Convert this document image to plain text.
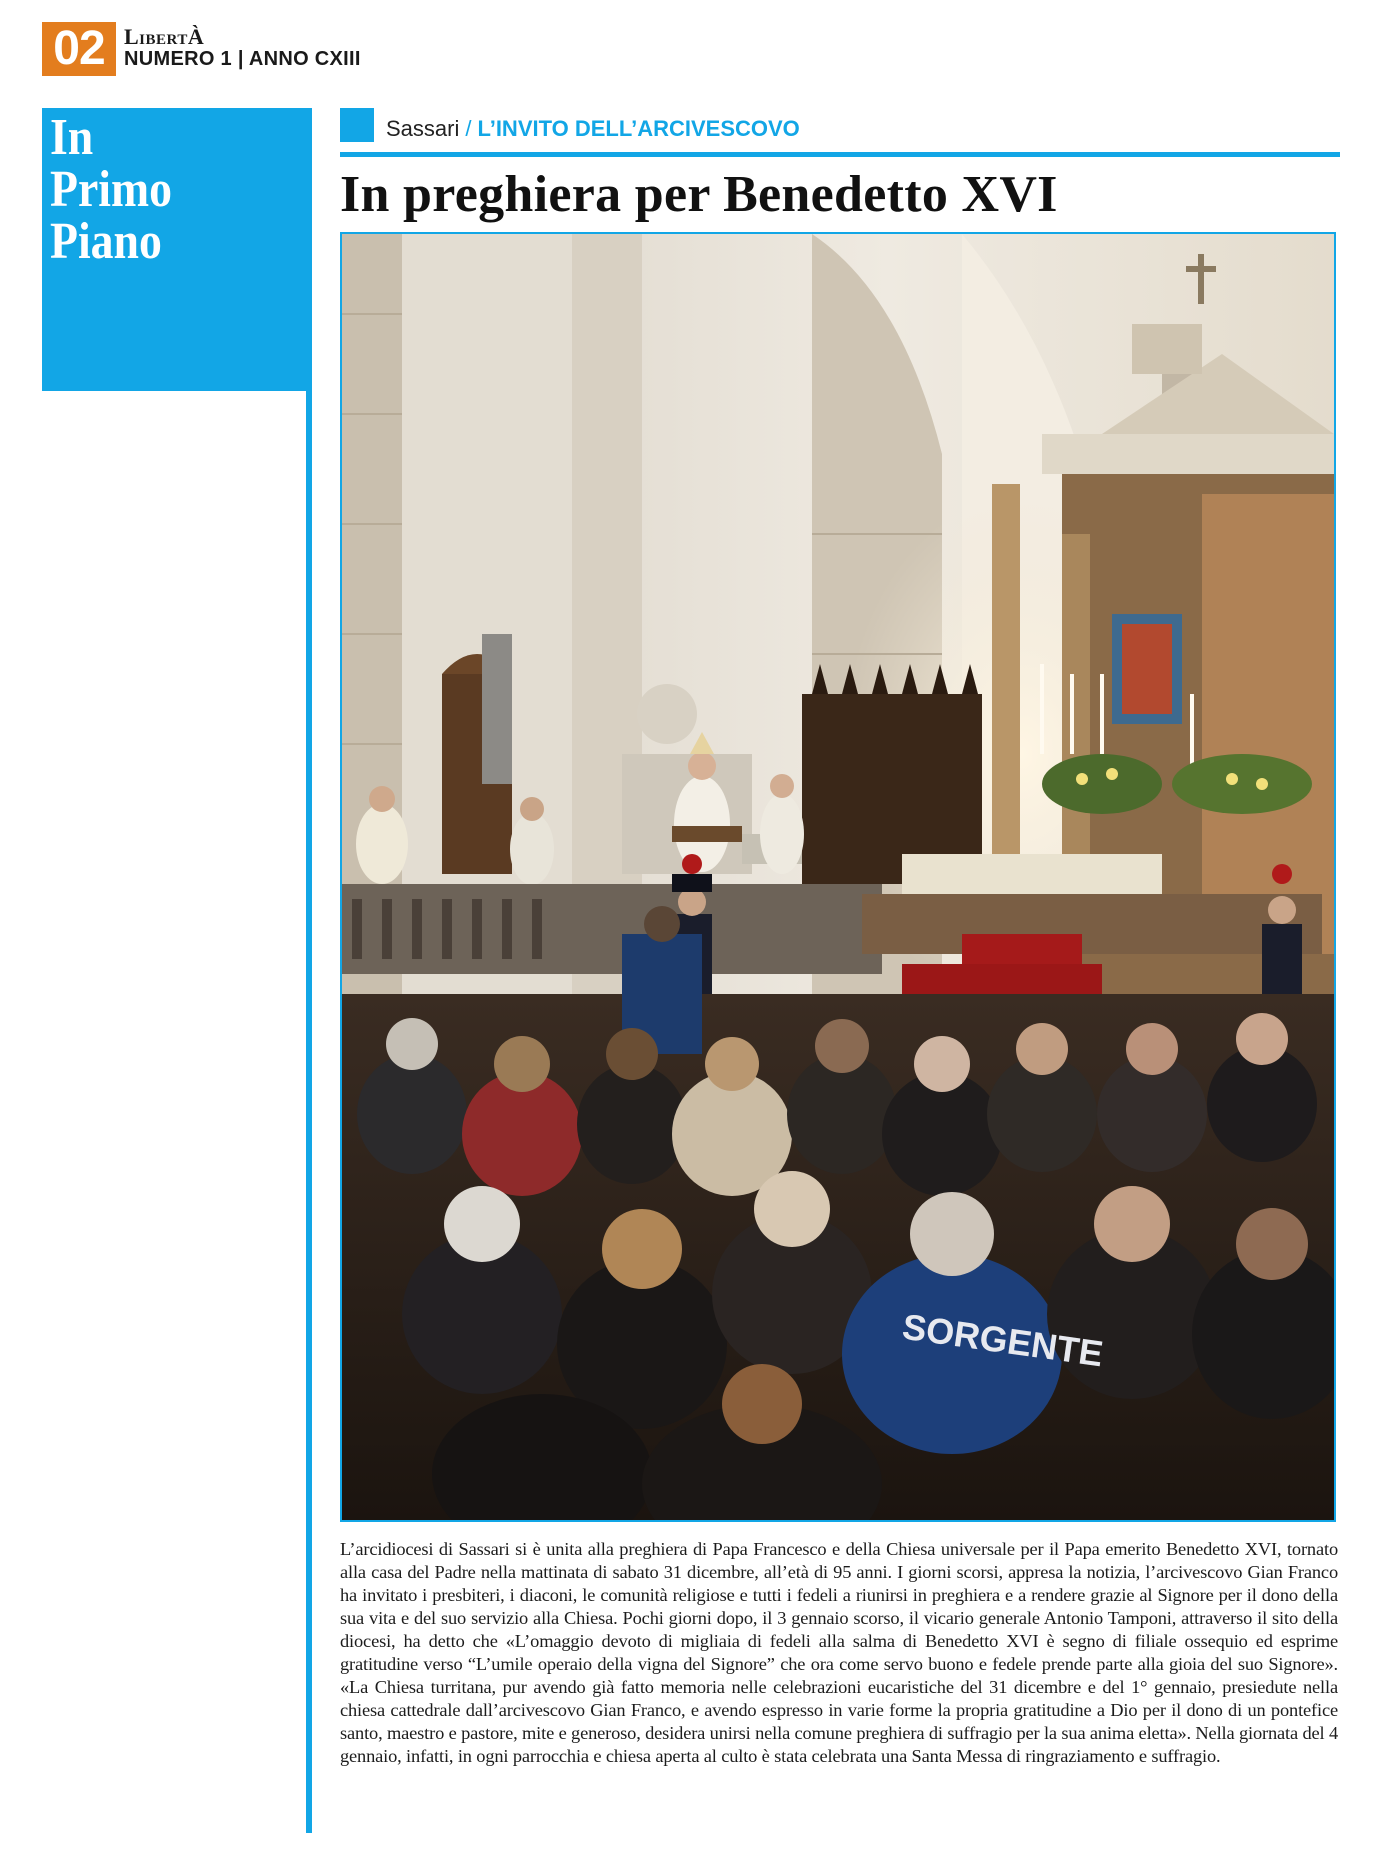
02 LibertÀ
NUMERO 1 | ANNO CXIII
In
Primo
Piano
Sassari / L’INVITO DELL’ARCIVESCOVO
In preghiera per Benedetto XVI
SORGENTE

L’arcidiocesi di Sassari si è unita alla preghiera di Papa Francesco e della Chiesa universale per il Papa emerito Benedetto XVI, tornato alla casa del Padre nella mattinata di sabato 31 dicembre, all’età di 95 anni. I giorni scorsi, appresa la notizia, l’arcivescovo Gian Franco ha invitato i presbiteri, i diaconi, le comunità religiose e tutti i fedeli a riunirsi in preghiera e a rendere grazie al Signore per il dono della sua vita e del suo servizio alla Chiesa. Pochi giorni dopo, il 3 gennaio scorso, il vicario generale Antonio Tamponi, attraverso il sito della diocesi, ha detto che «L’omaggio devoto di migliaia di fedeli alla salma di Benedetto XVI è segno di filiale ossequio ed esprime gratitudine verso “L’umile operaio della vigna del Signore” che ora come servo buono e fedele prende parte alla gioia del suo Signore». «La Chiesa turritana, pur avendo già fatto memoria nelle celebrazioni eucaristiche del 31 dicembre e del 1° gennaio, presiedute nella chiesa cattedrale dall’arcivescovo Gian Franco, e avendo espresso in varie forme la propria gratitudine a Dio per il dono di un pontefice santo, maestro e pastore, mite e generoso, desidera unirsi nella comune preghiera di suffragio per la sua anima eletta». Nella giornata del 4 gennaio, infatti, in ogni parrocchia e chiesa aperta al culto è stata celebrata una Santa Messa di ringraziamento e suffragio.
